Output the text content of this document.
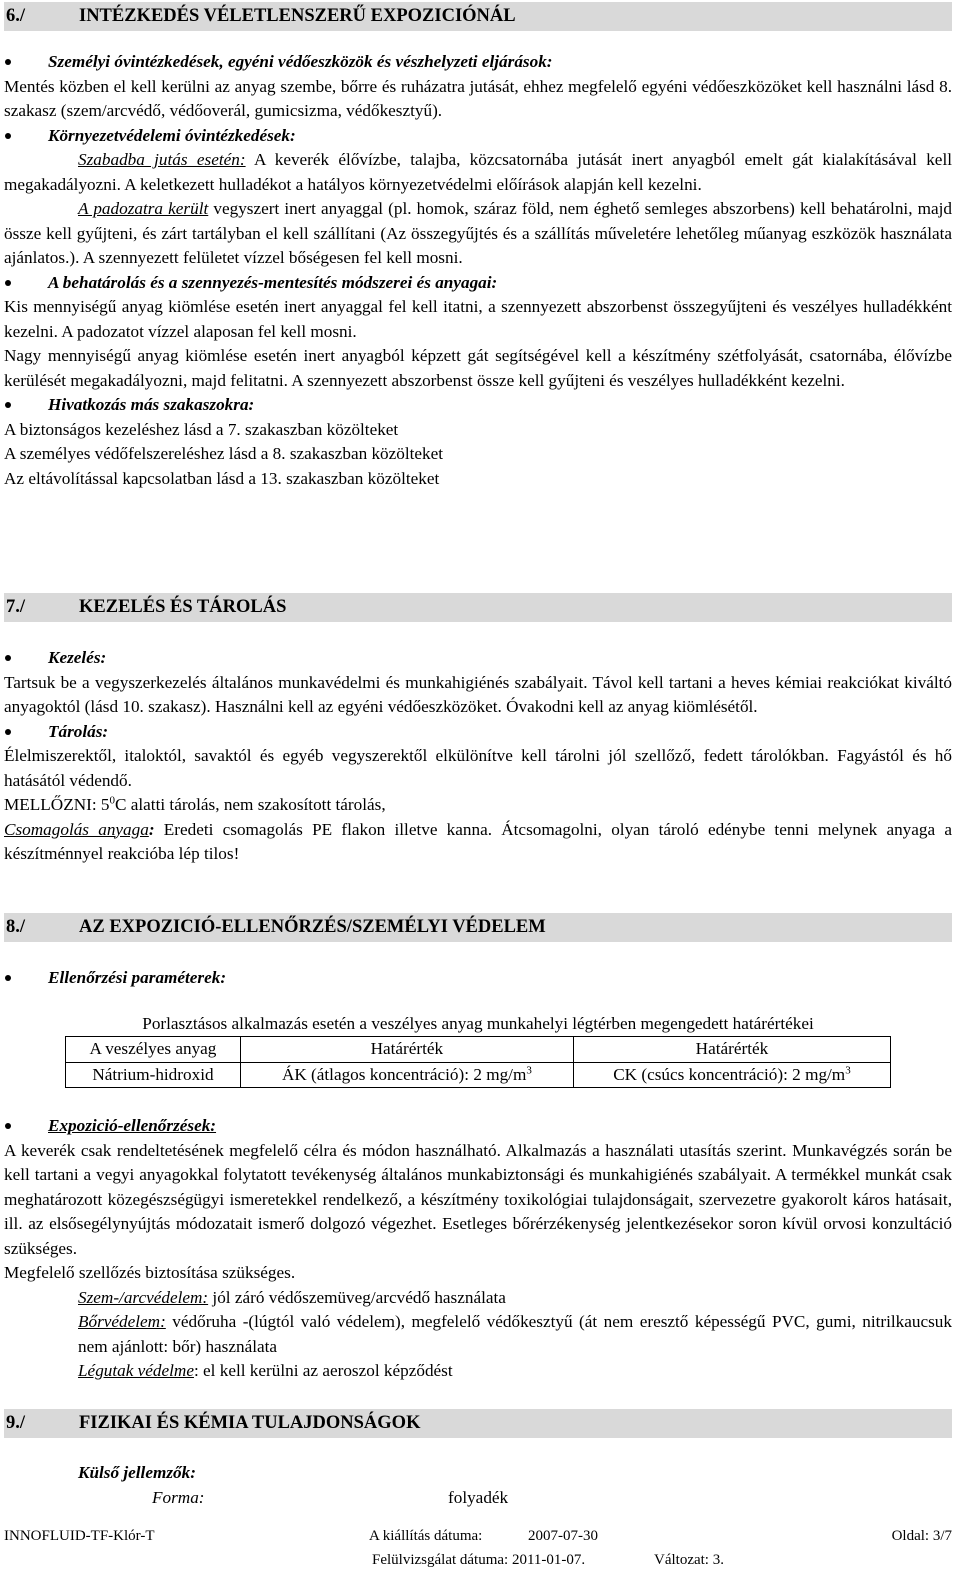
6./	INTÉZKEDÉS VÉLETLENSZERŰ EXPOZICIÓNÁL
Személyi óvintézkedések, egyéni védőeszközök és vészhelyzeti eljárások:

Mentés közben el kell kerülni az anyag szembe, bőrre és ruházatra jutását, ehhez megfelelő egyéni védőeszközöket kell használni lásd 8. szakasz (szem/arcvédő, védőoverál, gumicsizma, védőkesztyű).

Környezetvédelemi óvintézkedések:

Szabadba jutás esetén: A keverék élővízbe, talajba, közcsatornába jutását inert anyagból emelt gát kialakításával kell megakadályozni. A keletkezett hulladékot a hatályos környezetvédelmi előírások alapján kell kezelni.

A padozatra került vegyszert inert anyaggal (pl. homok, száraz föld, nem éghető semleges abszorbens) kell behatárolni, majd össze kell gyűjteni, és zárt tartályban el kell szállítani (Az összegyűjtés és a szállítás műveletére lehetőleg műanyag eszközök használata ajánlatos.). A szennyezett felületet vízzel bőségesen fel kell mosni.

A behatárolás és a szennyezés-mentesítés módszerei és anyagai:

Kis mennyiségű anyag kiömlése esetén inert anyaggal fel kell itatni, a szennyezett abszorbenst összegyűjteni és veszélyes hulladékként kezelni. A padozatot vízzel alaposan fel kell mosni.

Nagy mennyiségű anyag kiömlése esetén inert anyagból képzett gát segítségével kell a készítmény szétfolyását, csatornába, élővízbe kerülését megakadályozni, majd felitatni. A szennyezett abszorbenst össze kell gyűjteni és veszélyes hulladékként kezelni.

Hivatkozás más szakaszokra:

A biztonságos kezeléshez lásd a 7. szakaszban közölteket

A személyes védőfelszereléshez lásd a 8. szakaszban közölteket

Az eltávolítással kapcsolatban lásd a 13. szakaszban közölteket

7./	KEZELÉS ÉS TÁROLÁS
Kezelés:

Tartsuk be a vegyszerkezelés általános munkavédelmi és munkahigiénés szabályait. Távol kell tartani a heves kémiai reakciókat kiváltó anyagoktól (lásd 10. szakasz). Használni kell az egyéni védőeszközöket. Óvakodni kell az anyag kiömlésétől.

Tárolás:

Élelmiszerektől, italoktól, savaktól és egyéb vegyszerektől elkülönítve kell tárolni jól szellőző, fedett tárolókban. Fagyástól és hő hatásától védendő.

MELLŐZNI: $5^0C$ alatti tárolás, nem szakosított tárolás,

Csomagolás anyaga: Eredeti csomagolás PE flakon illetve kanna. Átcsomagolni, olyan tároló edénybe tenni melynek anyaga a készítménnyel reakcióba lép tilos!

8./	AZ EXPOZICIÓ-ELLENŐRZÉS/SZEMÉLYI VÉDELEM
Ellenőrzési paraméterek:
Porlasztásos alkalmazás esetén a veszélyes anyag munkahelyi légtérben megengedett határértékei		
A veszélyes anyag	Határérték	Határérték
Nátrium-hidroxid	ÁK (átlagos koncentráció): 2 $mg/m^3$	CK (csúcs koncentráció): 2 $mg/m^3$
Expozició-ellenőrzések:

A keverék csak rendeltetésének megfelelő célra és módon használható. Alkalmazás a használati utasítás szerint. Munkavégzés során be kell tartani a vegyi anyagokkal folytatott tevékenység általános munkabiztonsági és munkahigiénés szabályait. A termékkel munkát csak meghatározott közegészségügyi ismeretekkel rendelkező, a készítmény toxikológiai tulajdonságait, szervezetre gyakorolt káros hatásait, ill. az elsősegélynyújtás módozatait ismerő dolgozó végezhet. Esetleges bőrérzékenység jelentkezésekor soron kívül orvosi konzultáció szükséges.

Megfelelő szellőzés biztosítása szükséges.

Szem-/arcvédelem: jól záró védőszemüveg/arcvédő használata

Bőrvédelem: védőruha -(lúgtól való védelem), megfelelő védőkesztyű (át nem eresztő képességű PVC, gumi, nitrilkaucsuk nem ajánlott: bőr) használata

Légutak védelme: el kell kerülni az aeroszol képződést

9./	FIZIKAI ÉS KÉMIA TULAJDONSÁGOK

Külső jellemzők:

Forma:	folyadék

INNOFLUID-TF-Klór-T	A kiállítás dátuma:	2007-07-30	Oldal: 3/7
Felülvizsgálat dátuma: 2011-01-07.	Változat: 3.
